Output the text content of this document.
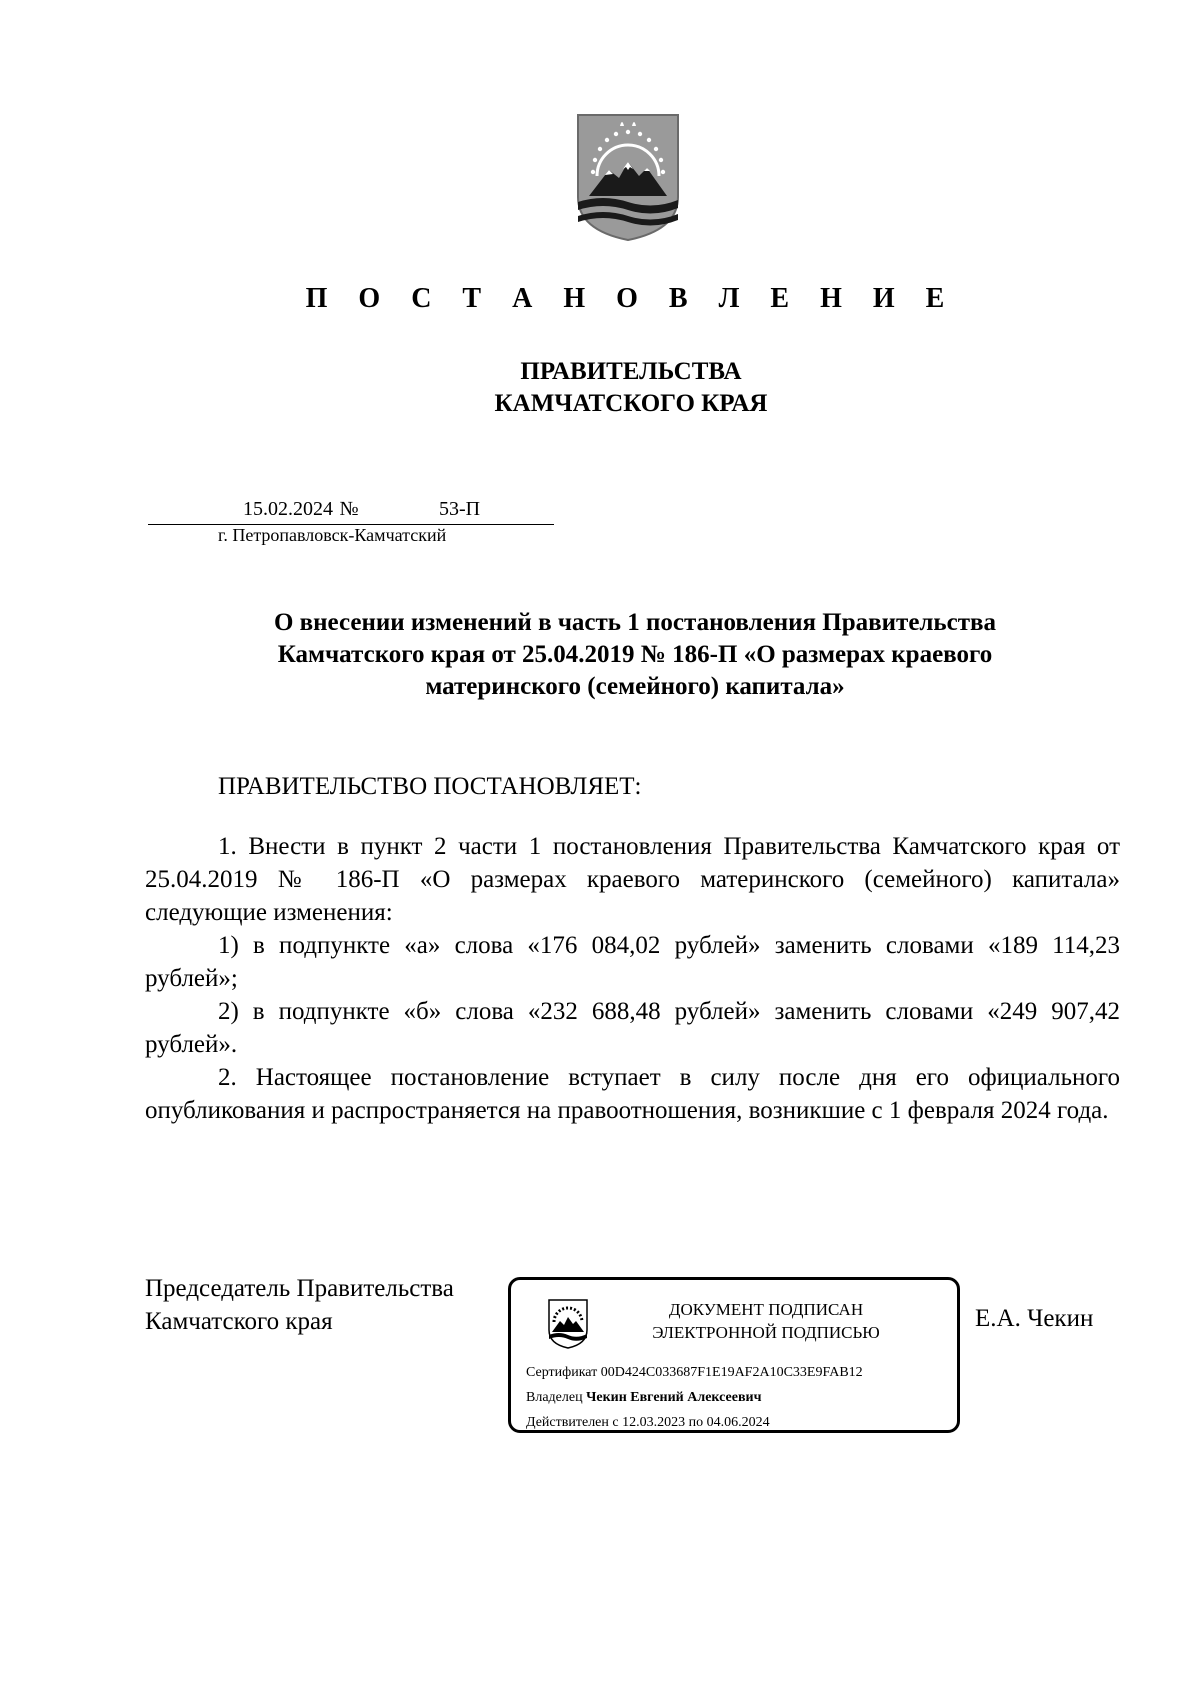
П О С Т А Н О В Л Е Н И Е
ПРАВИТЕЛЬСТВА
КАМЧАТСКОГО КРАЯ
15.02.2024 №	53-П
г. Петропавловск-Камчатский
О внесении изменений в часть 1 постановления Правительства
Камчатского края от 25.04.2019 № 186-П «О размерах краевого
материнского (семейного) капитала»
ПРАВИТЕЛЬСТВО ПОСТАНОВЛЯЕТ:

1. Внести в пункт 2 части 1 постановления Правительства Камчатского края от 25.04.2019 № 186-П «О размерах краевого материнского (семейного) капитала» следующие изменения:

1) в подпункте «а» слова «176 084,02 рублей» заменить словами «189 114,23 рублей»;

2) в подпункте «б» слова «232 688,48 рублей» заменить словами «249 907,42 рублей».

2. Настоящее постановление вступает в силу после дня его официального опубликования и распространяется на правоотношения, возникшие с 1 февраля 2024 года.

Председатель Правительства
Камчатского края	ДОКУМЕНТ ПОДПИСАН
ЭЛЕКТРОННОЙ ПОДПИСЬЮ
Сертификат 00D424C033687F1E19AF2A10C33E9FAB12
Владелец Чекин Евгений Алексеевич
Действителен с 12.03.2023 по 04.06.2024
Е.А. Чекин
